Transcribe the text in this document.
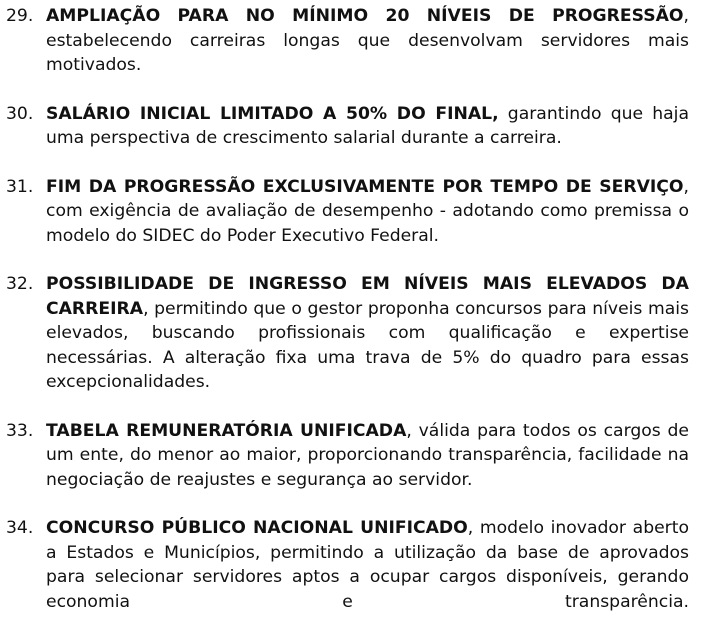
29. AMPLIAÇÃO PARA NO MÍNIMO 20 NÍVEIS DE PROGRESSÃO, estabelecendo carreiras longas que desenvolvam servidores mais motivados.
30. SALÁRIO INICIAL LIMITADO A 50% DO FINAL, garantindo que haja uma perspectiva de crescimento salarial durante a carreira.
31. FIM DA PROGRESSÃO EXCLUSIVAMENTE POR TEMPO DE SERVIÇO, com exigência de avaliação de desempenho - adotando como premissa o modelo do SIDEC do Poder Executivo Federal.
32. POSSIBILIDADE DE INGRESSO EM NÍVEIS MAIS ELEVADOS DA CARREIRA, permitindo que o gestor proponha concursos para níveis mais elevados, buscando profissionais com qualificação e expertise necessárias. A alteração fixa uma trava de 5% do quadro para essas excepcionalidades.
33. TABELA REMUNERATÓRIA UNIFICADA, válida para todos os cargos de um ente, do menor ao maior, proporcionando transparência, facilidade na negociação de reajustes e segurança ao servidor.
34. CONCURSO PÚBLICO NACIONAL UNIFICADO, modelo inovador aberto a Estados e Municípios, permitindo a utilização da base de aprovados para selecionar servidores aptos a ocupar cargos disponíveis, gerando economia e transparência.
